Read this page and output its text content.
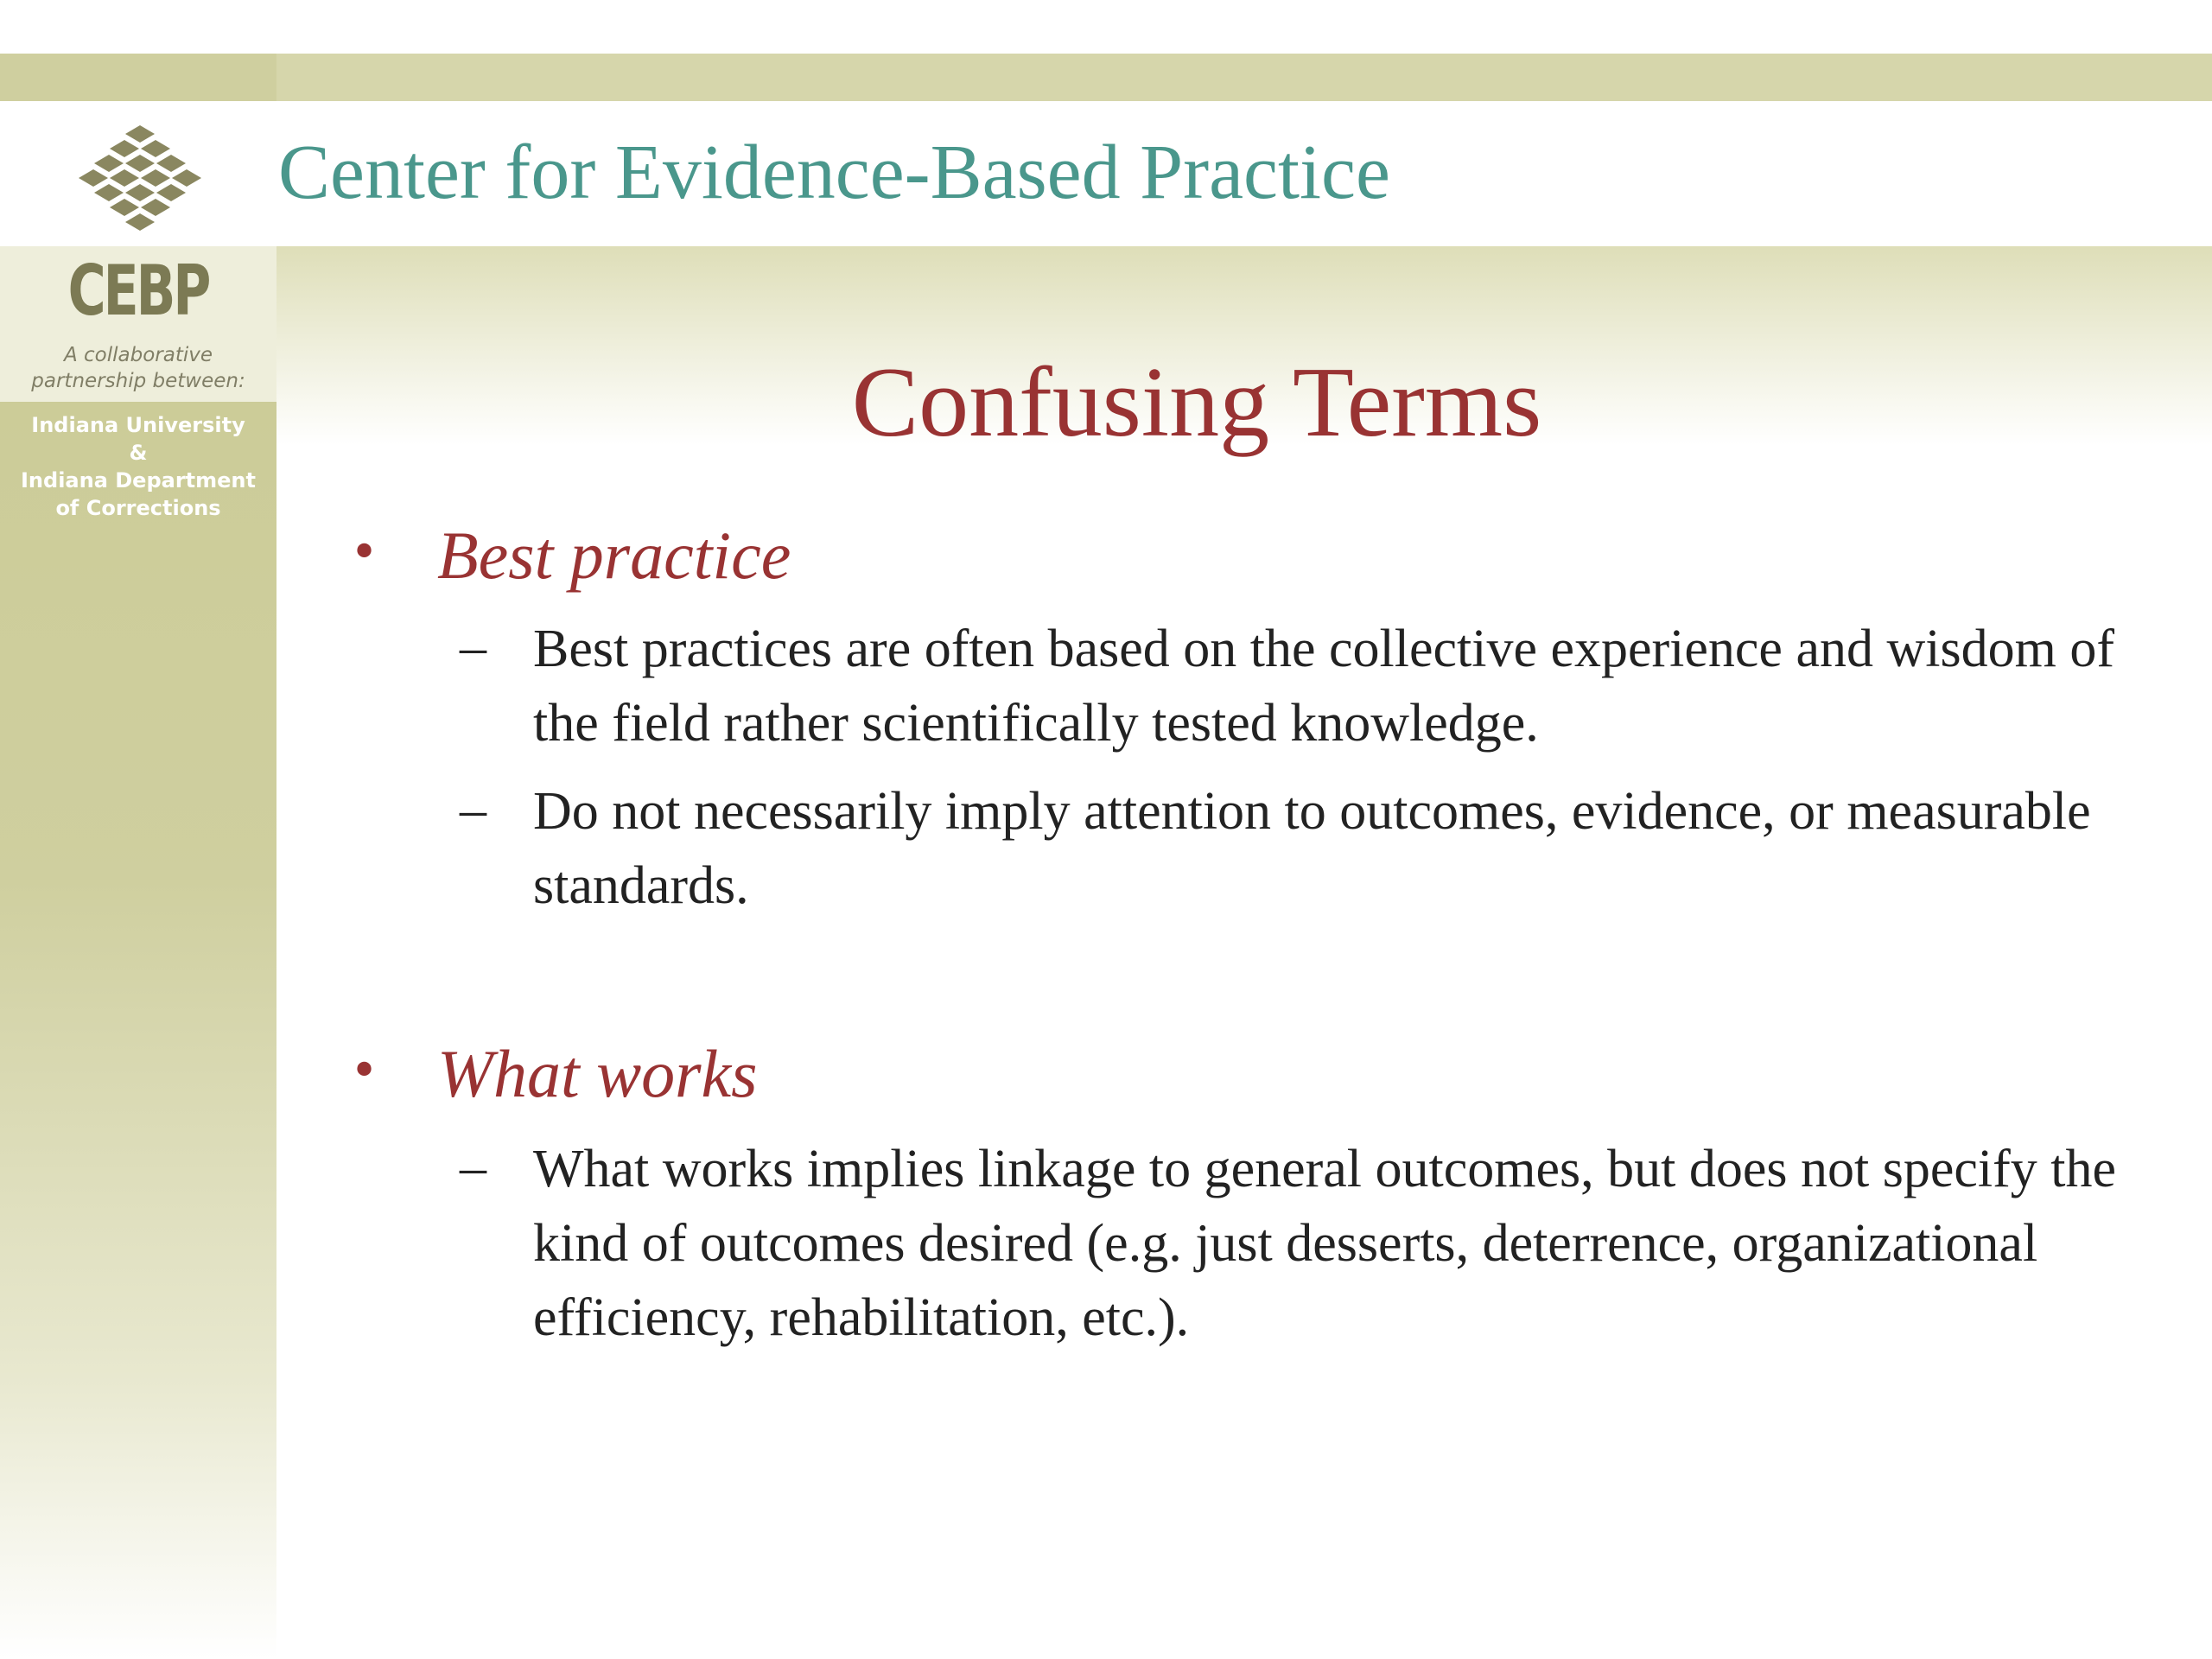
Center for Evidence-Based Practice
CEBP
A collaborative
partnership between:
Indiana University
&
Indiana Department
of Corrections
Confusing Terms
• Best practice
– Best practices are often based on the collective experience and wisdom of the field rather scientifically tested knowledge.
– Do not necessarily imply attention to outcomes, evidence, or measurable standards.
• What works
– What works implies linkage to general outcomes, but does not specify the kind of outcomes desired (e.g. just desserts, deterrence, organizational efficiency, rehabilitation, etc.).
